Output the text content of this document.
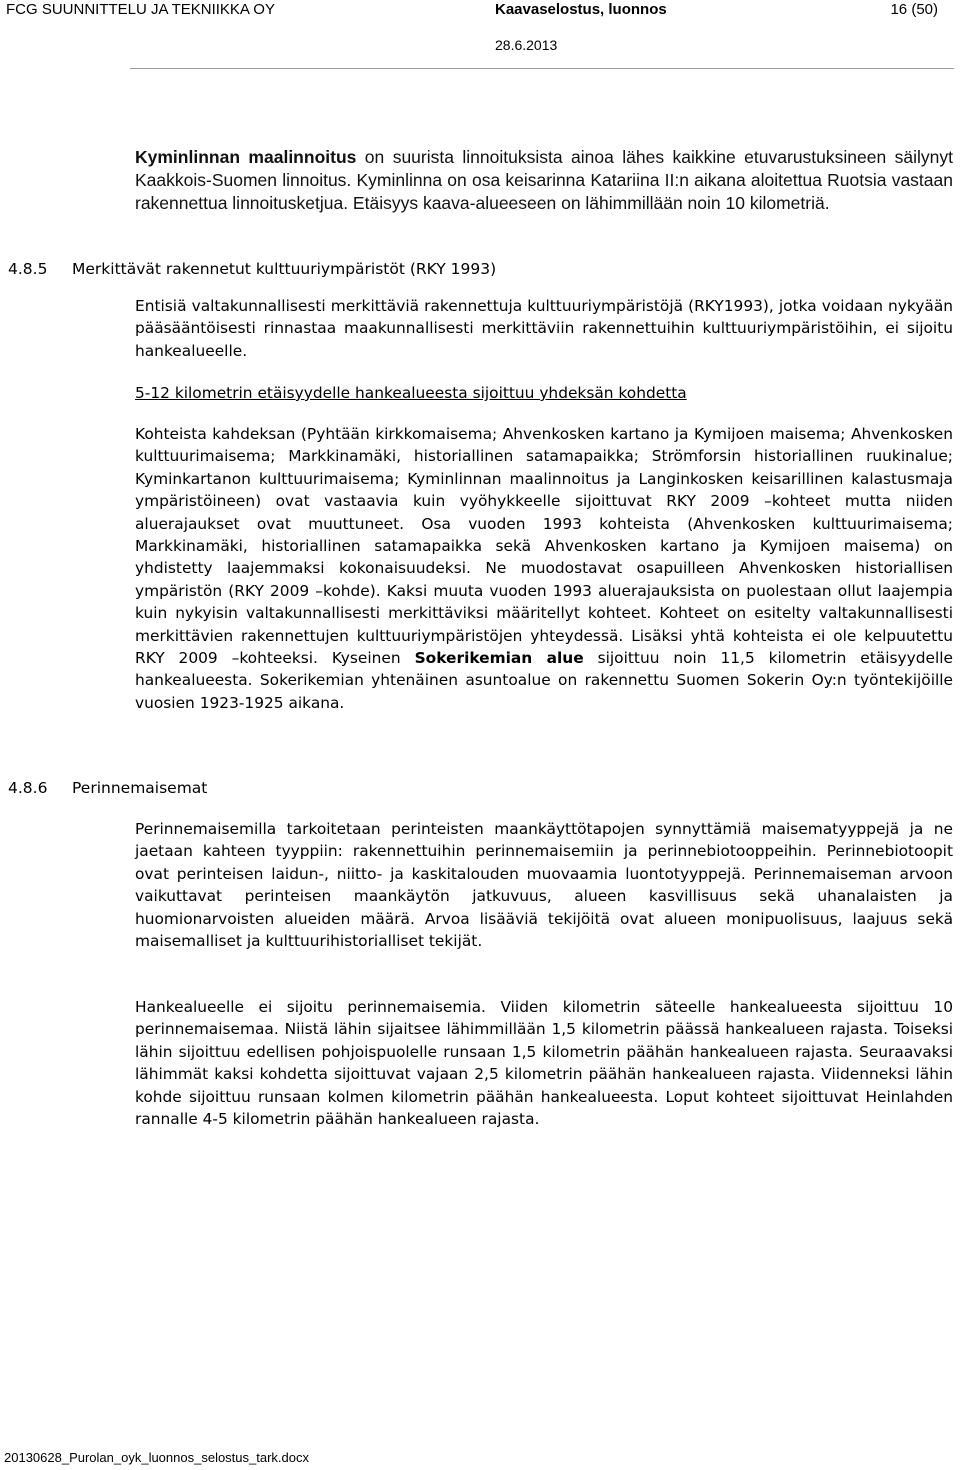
FCG SUUNNITTELU JA TEKNIIKKA OY	Kaavaselostus, luonnos	16 (50)
28.6.2013
Kyminlinnan maalinnoitus on suurista linnoituksista ainoa lähes kaikkine etuvarustuksineen säilynyt Kaakkois-Suomen linnoitus. Kyminlinna on osa keisarinna Katariina II:n aikana aloitettua Ruotsia vastaan rakennettua linnoitusketjua. Etäisyys kaava-alueeseen on lähimmillään noin 10 kilometriä.
4.8.5 Merkittävät rakennetut kulttuuriympäristöt (RKY 1993)
Entisiä valtakunnallisesti merkittäviä rakennettuja kulttuuriympäristöjä (RKY1993), jotka voidaan nykyään pääsääntöisesti rinnastaa maakunnallisesti merkittäviin rakennettuihin kulttuuriympäristöihin, ei sijoitu hankealueelle.
5-12 kilometrin etäisyydelle hankealueesta sijoittuu yhdeksän kohdetta
Kohteista kahdeksan (Pyhtään kirkkomaisema; Ahvenkosken kartano ja Kymijoen maisema; Ahvenkosken kulttuurimaisema; Markkinamäki, historiallinen satamapaikka; Strömforsin historiallinen ruukinalue; Kyminkartanon kulttuurimaisema; Kyminlinnan maalinnoitus ja Langinkosken keisarillinen kalastusmaja ympäristöineen) ovat vastaavia kuin vyöhykkeelle sijoittuvat RKY 2009 –kohteet mutta niiden aluerajaukset ovat muuttuneet. Osa vuoden 1993 kohteista (Ahvenkosken kulttuurimaisema; Markkinamäki, historiallinen satamapaikka sekä Ahvenkosken kartano ja Kymijoen maisema) on yhdistetty laajemmaksi kokonaisuudeksi. Ne muodostavat osapuilleen Ahvenkosken historiallisen ympäristön (RKY 2009 –kohde). Kaksi muuta vuoden 1993 aluerajauksista on puolestaan ollut laajempia kuin nykyisin valtakunnallisesti merkittäviksi määritellyt kohteet. Kohteet on esitelty valtakunnallisesti merkittävien rakennettujen kulttuuriympäristöjen yhteydessä. Lisäksi yhtä kohteista ei ole kelpuutettu RKY 2009 –kohteeksi. Kyseinen Sokerikemian alue sijoittuu noin 11,5 kilometrin etäisyydelle hankealueesta. Sokerikemian yhtenäinen asuntoalue on rakennettu Suomen Sokerin Oy:n työntekijöille vuosien 1923-1925 aikana.
4.8.6 Perinnemaisemat
Perinnemaisemilla tarkoitetaan perinteisten maankäyttötapojen synnyttämiä maisematyyppejä ja ne jaetaan kahteen tyyppiin: rakennettuihin perinnemaisemiin ja perinnebiotooppeihin. Perinnebiotoopit ovat perinteisen laidun-, niitto- ja kaskitalouden muovaamia luontotyyppejä. Perinnemaiseman arvoon vaikuttavat perinteisen maankäytön jatkuvuus, alueen kasvillisuus sekä uhanalaisten ja huomionarvoisten alueiden määrä. Arvoa lisääviä tekijöitä ovat alueen monipuolisuus, laajuus sekä maisemalliset ja kulttuurihistorialliset tekijät.
Hankealueelle ei sijoitu perinnemaisemia. Viiden kilometrin säteelle hankealueesta sijoittuu 10 perinnemaisemaa. Niistä lähin sijaitsee lähimmillään 1,5 kilometrin päässä hankealueen rajasta. Toiseksi lähin sijoittuu edellisen pohjoispuolelle runsaan 1,5 kilometrin päähän hankealueen rajasta. Seuraavaksi lähimmät kaksi kohdetta sijoittuvat vajaan 2,5 kilometrin päähän hankealueen rajasta. Viidenneksi lähin kohde sijoittuu runsaan kolmen kilometrin päähän hankealueesta. Loput kohteet sijoittuvat Heinlahden rannalle 4-5 kilometrin päähän hankealueen rajasta.
20130628_Purolan_oyk_luonnos_selostus_tark.docx
